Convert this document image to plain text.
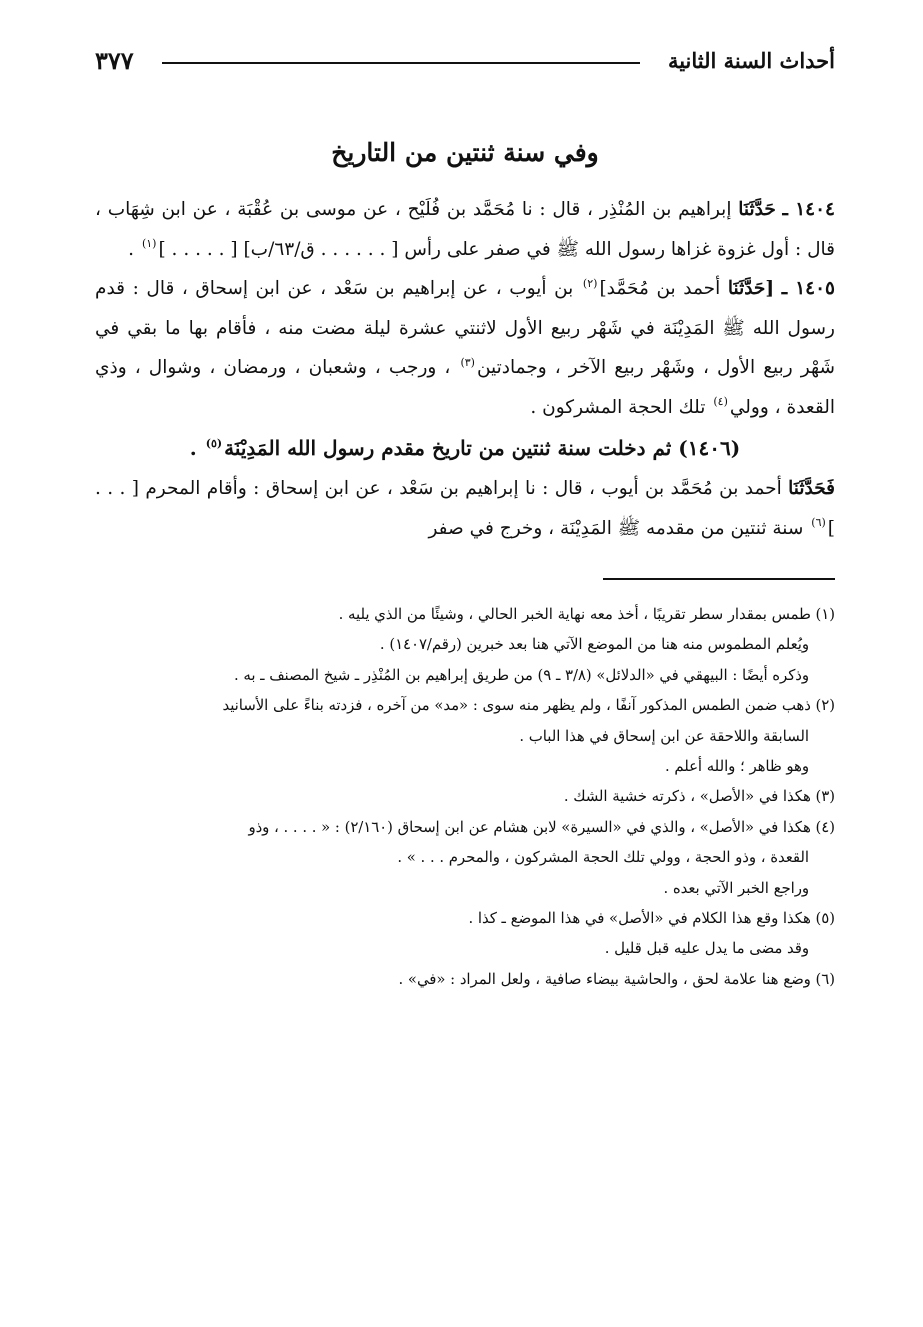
أحداث السنة الثانية
٣٧٧
وفي سنة ثنتين من التاريخ

١٤٠٤ ـ حَدَّثَنَا إبراهيم بن المُنْذِر ، قال : نا مُحَمَّد بن فُلَيْح ، عن موسى بن عُقْبَة ، عن ابن شِهَاب ، قال : أول غزوة غزاها رسول الله ﷺ في صفر على رأس [ . . . . . . ق/٦٣/ب] [ . . . . . ]$^{(١)}$ .

١٤٠٥ ـ [حَدَّثَنَا أحمد بن مُحَمَّد]$^{(٢)}$ بن أيوب ، عن إبراهيم بن سَعْد ، عن ابن إسحاق ، قال : قدم رسول الله ﷺ المَدِيْنَة في شَهْر ربيع الأول لاثنتي عشرة ليلة مضت منه ، فأقام بها ما بقي في شَهْر ربيع الأول ، وشَهْر ربيع الآخر ، وجمادتين$^{(٣)}$ ، ورجب ، وشعبان ، ورمضان ، وشوال ، وذي القعدة ، وولي$^{(٤)}$ تلك الحجة المشركون .

(١٤٠٦) ثم دخلت سنة ثنتين من تاريخ مقدم رسول الله المَدِيْنَة$^{(٥)}$ .

فَحَدَّثَنَا أحمد بن مُحَمَّد بن أيوب ، قال : نا إبراهيم بن سَعْد ، عن ابن إسحاق : وأقام المحرم [ . . . ]$^{(٦)}$ سنة ثنتين من مقدمه ﷺ المَدِيْنَة ، وخرج في صفر

(١) طمس بمقدار سطر تقريبًا ، أخذ معه نهاية الخبر الحالي ، وشيئًا من الذي يليه .
ويُعلم المطموس منه هنا من الموضع الآتي هنا بعد خبرين (رقم/١٤٠٧) .
وذكره أيضًا : البيهقي في «الدلائل» (٣/٨ ـ ٩) من طريق إبراهيم بن المُنْذِر ـ شيخ المصنف ـ به .
(٢) ذهب ضمن الطمس المذكور آنفًا ، ولم يظهر منه سوى : «مد» من آخره ، فزدته بناءً على الأسانيد
السابقة واللاحقة عن ابن إسحاق في هذا الباب .
وهو ظاهر ؛ والله أعلم .
(٣) هكذا في «الأصل» ، ذكرته خشية الشك .
(٤) هكذا في «الأصل» ، والذي في «السيرة» لابن هشام عن ابن إسحاق (٢/١٦٠) : « . . . . ، وذو
القعدة ، وذو الحجة ، وولي تلك الحجة المشركون ، والمحرم . . . » .
وراجع الخبر الآتي بعده .
(٥) هكذا وقع هذا الكلام في «الأصل» في هذا الموضع ـ كذا .
وقد مضى ما يدل عليه قبل قليل .
(٦) وضع هنا علامة لحق ، والحاشية بيضاء صافية ، ولعل المراد : «في» .
